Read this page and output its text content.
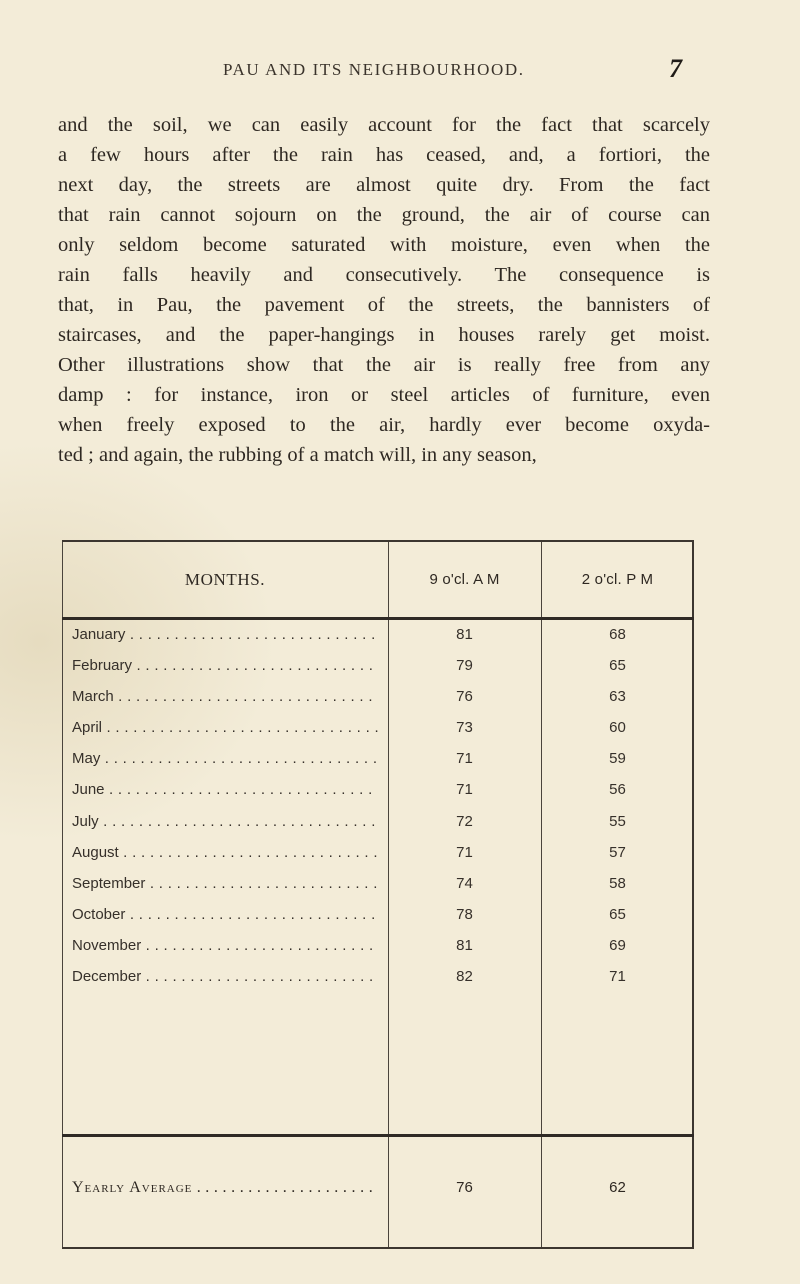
PAU AND ITS NEIGHBOURHOOD.	7
and the soil, we can easily account for the fact that scarcely
a few hours after the rain has ceased, and, a fortiori, the
next day, the streets are almost quite dry. From the fact
that rain cannot sojourn on the ground, the air of course can
only seldom become saturated with moisture, even when the
rain falls heavily and consecutively. The consequence is
that, in Pau, the pavement of the streets, the bannisters of
staircases, and the paper-hangings in houses rarely get moist.
Other illustrations show that the air is really free from any
damp : for instance, iron or steel articles of furniture, even
when freely exposed to the air, hardly ever become oxyda-
ted ; and again, the rubbing of a match will, in any season,
MONTHS.	9 o'cl. A M	2 o'cl. P M
January . . .	81	68
February . . .	79	65
March . . .	76	63
April . . .	73	60
May . . .	71	59
June . . .	71	56
July . . .	72	55
August . . .	71	57
September . . .	74	58
October . . .	78	65
November . . .	81	69
December . . .	82	71
Yearly Average . . .	76	62
